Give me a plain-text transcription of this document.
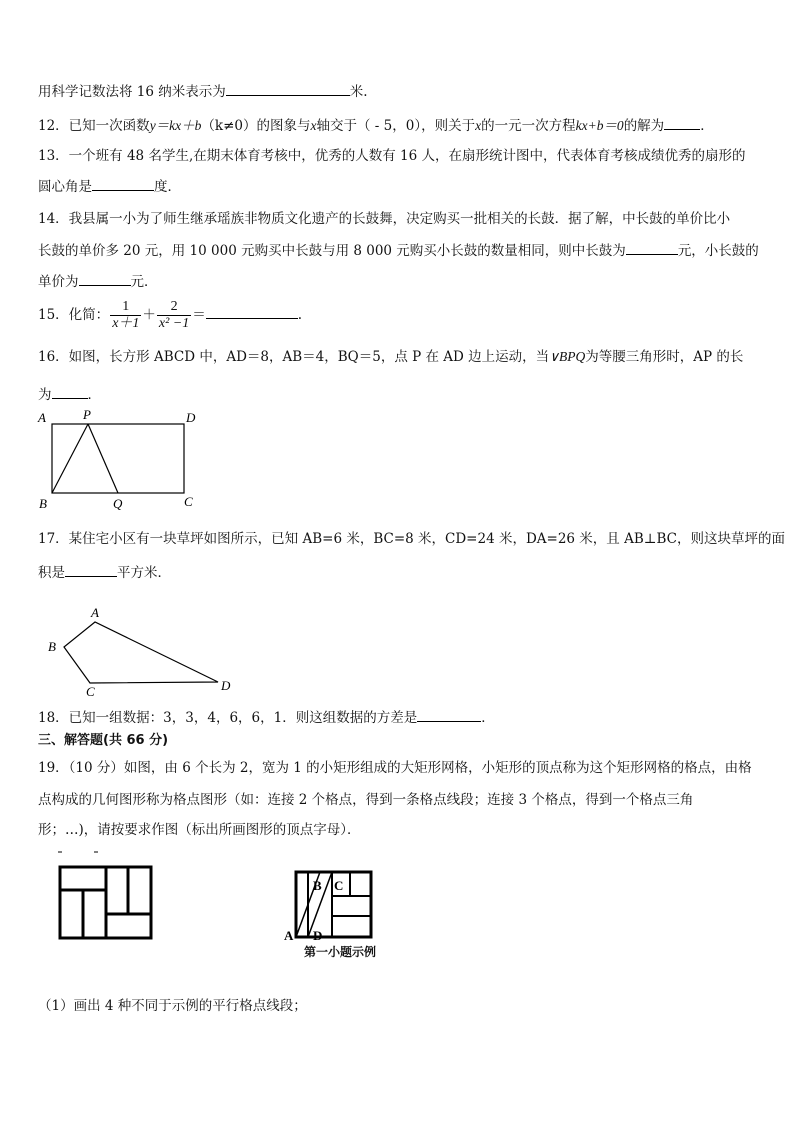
用科学记数法将 16 纳米表示为	米.
12．已知一次函数y＝kx＋b（k≠0）的图象与x轴交于（ - 5，0），则关于x的一元一次方程kx+b＝0的解为	．
13．一个班有 48 名学生,在期末体育考核中，优秀的人数有 16 人，在扇形统计图中，代表体育考核成绩优秀的扇形的
圆心角是	度．
14．我县属一小为了师生继承瑶族非物质文化遗产的长鼓舞，决定购买一批相关的长鼓．据了解，中长鼓的单价比小
长鼓的单价多 20 元，用 10 000 元购买中长鼓与用 8 000 元购买小长鼓的数量相同，则中长鼓为	元，小长鼓的
单价为	元．
15．化简： $\frac{1}{x+1} + \frac{2}{\text{x² −1}}$ ＝	.
16．如图，长方形 ABCD 中，AD＝8，AB＝4，BQ＝5，点 P 在 AD 边上运动，当∨BPQ为等腰三角形时，AP 的长
为	．
A	P	D
B	Q	C
17．某住宅小区有一块草坪如图所示，已知 AB=6 米，BC=8 米，CD=24 米，DA=26 米，且 AB⊥BC，则这块草坪的面
积是	平方米．
A
B
C	D
18．已知一组数据：3，3，4，6，6，1．则这组数据的方差是	．
三、解答题(共 66 分)
19．（10 分）如图，由 6 个长为 2，宽为 1 的小矩形组成的大矩形网格，小矩形的顶点称为这个矩形网格的格点，由格
点构成的几何图形称为格点图形（如：连接 2 个格点，得到一条格点线段；连接 3 个格点，得到一个格点三角
形；…)，请按要求作图（标出所画图形的顶点字母）．
A
B C
D
第一小题示例
（1）画出 4 种不同于示例的平行格点线段；
